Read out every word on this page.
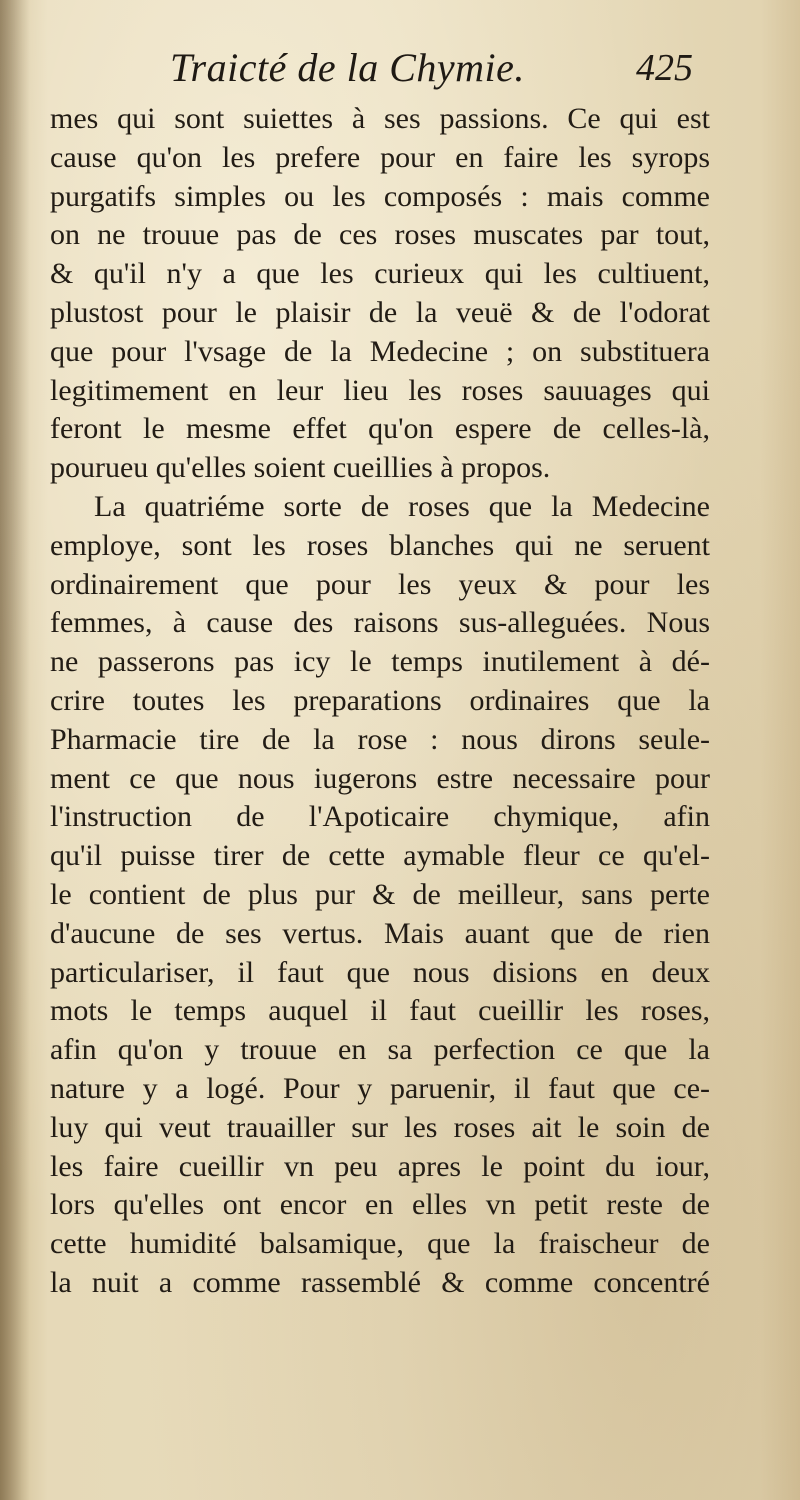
Traicté de la Chymie.	425
mes qui sont suiettes à ses passions. Ce qui est
cause qu'on les prefere pour en faire les syrops
purgatifs simples ou les composés : mais comme
on ne trouue pas de ces roses muscates par tout,
& qu'il n'y a que les curieux qui les cultiuent,
plustost pour le plaisir de la veuë & de l'odorat
que pour l'vsage de la Medecine ; on substituera
legitimement en leur lieu les roses sauuages qui
feront le mesme effet qu'on espere de celles-là,
pourueu qu'elles soient cueillies à propos.
La quatriéme sorte de roses que la Medecine
employe, sont les roses blanches qui ne seruent
ordinairement que pour les yeux & pour les
femmes, à cause des raisons sus-alleguées. Nous
ne passerons pas icy le temps inutilement à dé-
crire toutes les preparations ordinaires que la
Pharmacie tire de la rose : nous dirons seule-
ment ce que nous iugerons estre necessaire pour
l'instruction de l'Apoticaire chymique, afin
qu'il puisse tirer de cette aymable fleur ce qu'el-
le contient de plus pur & de meilleur, sans perte
d'aucune de ses vertus. Mais auant que de rien
particulariser, il faut que nous disions en deux
mots le temps auquel il faut cueillir les roses,
afin qu'on y trouue en sa perfection ce que la
nature y a logé. Pour y paruenir, il faut que ce-
luy qui veut trauailler sur les roses ait le soin de
les faire cueillir vn peu apres le point du iour,
lors qu'elles ont encor en elles vn petit reste de
cette humidité balsamique, que la fraischeur de
la nuit a comme rassemblé & comme concentré
